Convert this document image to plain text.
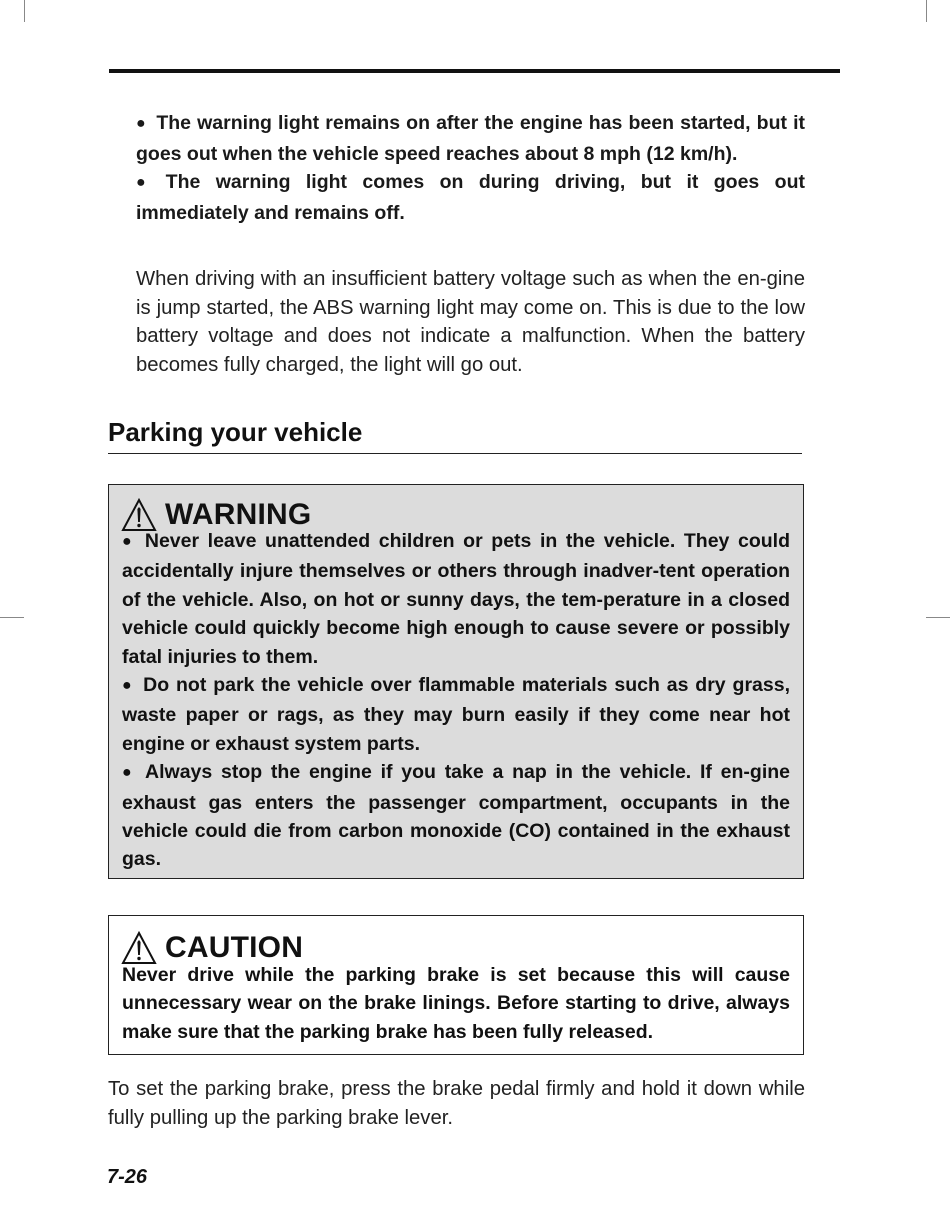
● The warning light remains on after the engine has been started, but it goes out when the vehicle speed reaches about 8 mph (12 km/h).

● The warning light comes on during driving, but it goes out immediately and remains off.

When driving with an insufficient battery voltage such as when the en-gine is jump started, the ABS warning light may come on. This is due to the low battery voltage and does not indicate a malfunction. When the battery becomes fully charged, the light will go out.

Parking your vehicle
WARNING

● Never leave unattended children or pets in the vehicle. They could accidentally injure themselves or others through inadver-tent operation of the vehicle. Also, on hot or sunny days, the tem-perature in a closed vehicle could quickly become high enough to cause severe or possibly fatal injuries to them.

● Do not park the vehicle over flammable materials such as dry grass, waste paper or rags, as they may burn easily if they come near hot engine or exhaust system parts.

● Always stop the engine if you take a nap in the vehicle. If en-gine exhaust gas enters the passenger compartment, occupants in the vehicle could die from carbon monoxide (CO) contained in the exhaust gas.

CAUTION

Never drive while the parking brake is set because this will cause unnecessary wear on the brake linings. Before starting to drive, always make sure that the parking brake has been fully released.

To set the parking brake, press the brake pedal firmly and hold it down while fully pulling up the parking brake lever.

7-26
